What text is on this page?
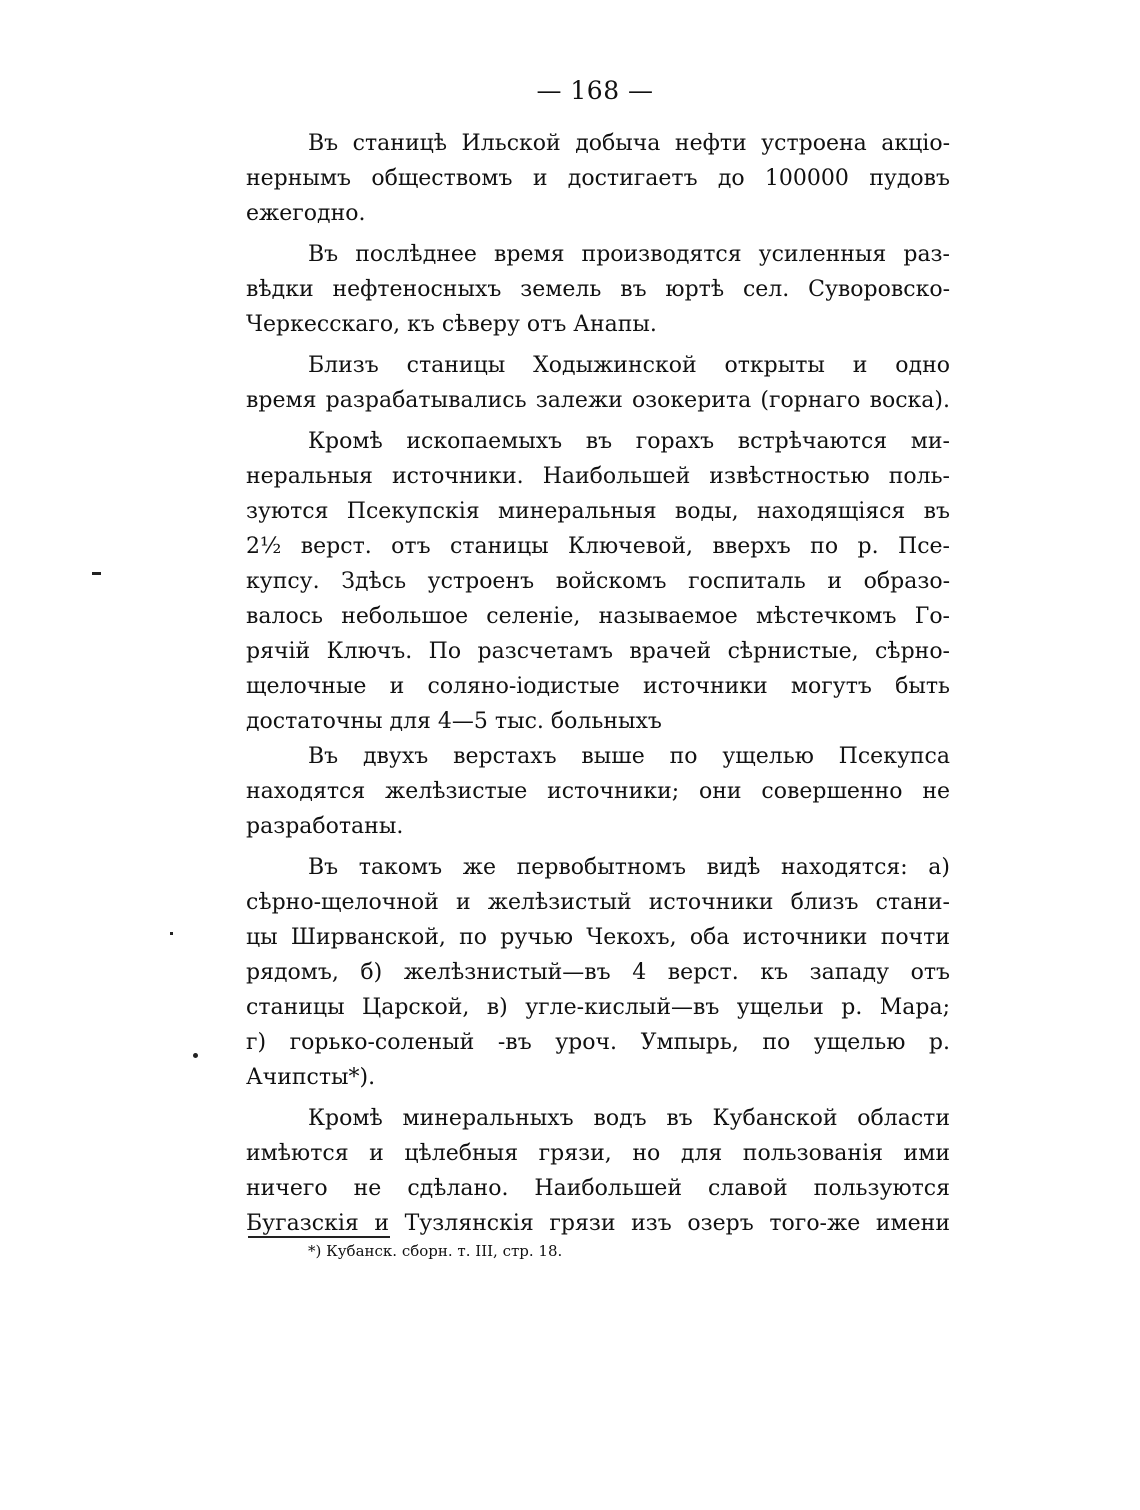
— 168 —
Въ станицѣ Ильской добыча нефти устроена акціо-
нернымъ обществомъ и достигаетъ до 100000 пудовъ
ежегодно.
Въ послѣднее время производятся усиленныя раз-
вѣдки нефтеносныхъ земель въ юртѣ сел. Суворовско-
Черкесскаго, къ сѣверу отъ Анапы.
Близъ станицы Ходыжинской открыты и одно
время разрабатывались залежи озокерита (горнаго воска).
Кромѣ ископаемыхъ въ горахъ встрѣчаются ми-
неральныя источники. Наибольшей извѣстностью поль-
зуются Псекупскія минеральныя воды, находящіяся въ
2½ верст. отъ станицы Ключевой, вверхъ по р. Псе-
купсу. Здѣсь устроенъ войскомъ госпиталь и образо-
валось небольшое селеніе, называемое мѣстечкомъ Го-
рячій Ключъ. По разсчетамъ врачей сѣрнистые, сѣрно-
щелочные и соляно-іодистые источники могутъ быть
достаточны для 4—5 тыс. больныхъ
Въ двухъ верстахъ выше по ущелью Псекупса
находятся желѣзистые источники; они совершенно не
разработаны.
Въ такомъ же первобытномъ видѣ находятся: а)
сѣрно-щелочной и желѣзистый источники близъ стани-
цы Ширванской, по ручью Чекохъ, оба источники почти
рядомъ, б) желѣзнистый—въ 4 верст. къ западу отъ
станицы Царской, в) угле-кислый—въ ущельи р. Мара;
г) горько-соленый -въ уроч. Умпырь, по ущелью р.
Ачипсты*).
Кромѣ минеральныхъ водъ въ Кубанской области
имѣются и цѣлебныя грязи, но для пользованія ими
ничего не сдѣлано. Наибольшей славой пользуются
Бугазскія и Тузлянскія грязи изъ озеръ того-же имени
*) Кубанск. сборн. т. III, стр. 18.
